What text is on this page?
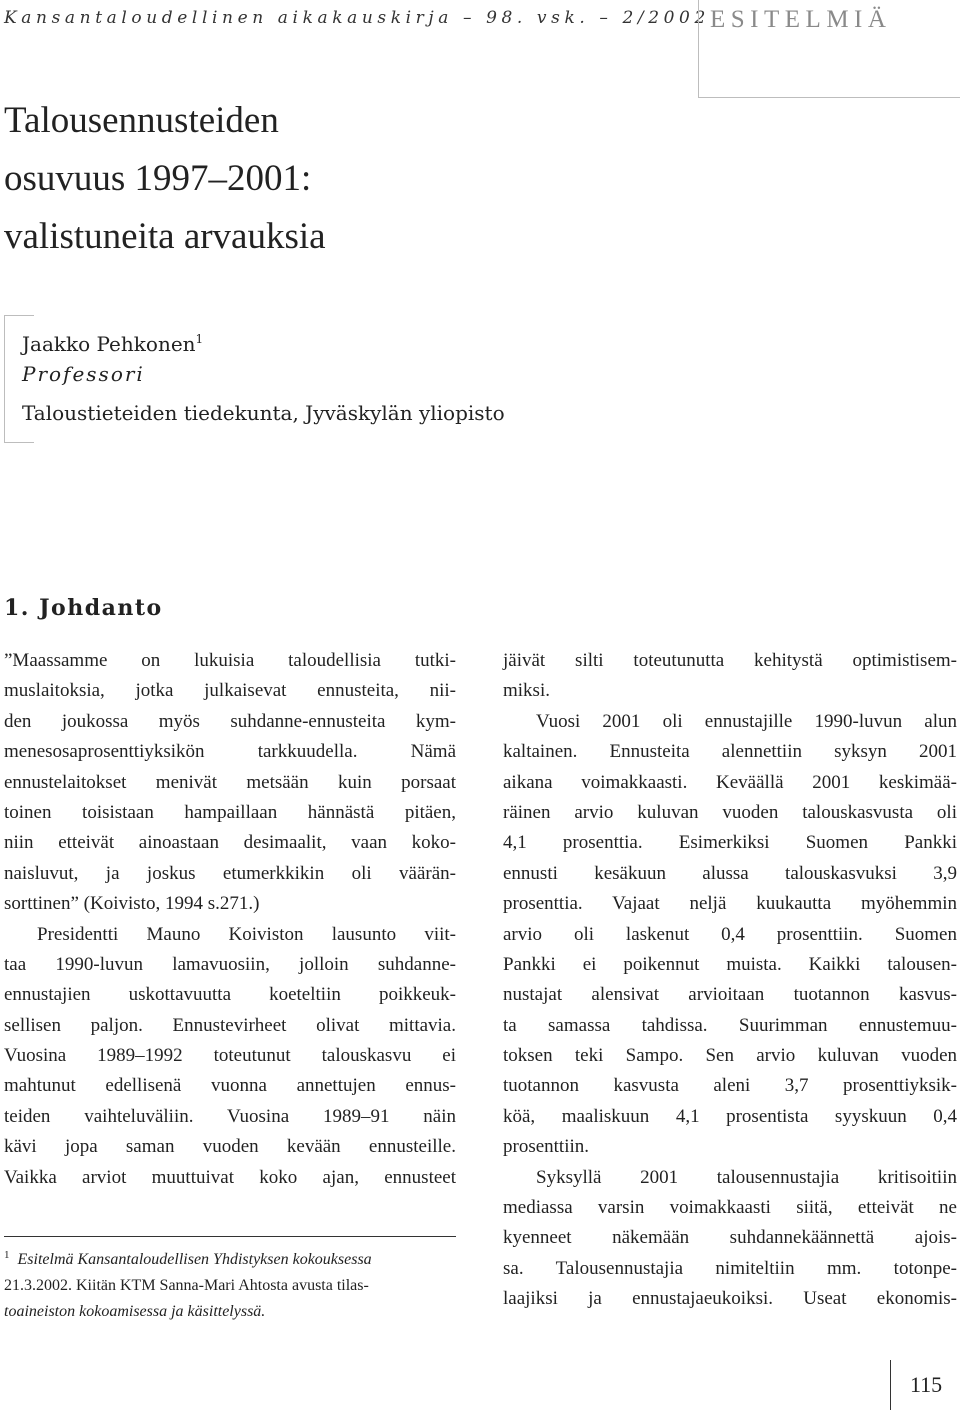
Kansantaloudellinen aikakauskirja – 98. vsk. – 2/2002 ESITELMIÄ
Talousennusteiden
osuvuus 1997–2001:
valistuneita arvauksia
Jaakko Pehkonen$^1$
Professori
Taloustieteiden tiedekunta, Jyväskylän yliopisto
1. Johdanto
”Maassamme on lukuisia taloudellisia tutki-
muslaitoksia, jotka julkaisevat ennusteita, nii-
den joukossa myös suhdanne-ennusteita kym-
menesosaprosenttiyksikön tarkkuudella. Nämä
ennustelaitokset menivät metsään kuin porsaat
toinen toisistaan hampaillaan hännästä pitäen,
niin etteivät ainoastaan desimaalit, vaan koko-
naisluvut, ja joskus etumerkkikin oli väärän-
sorttinen” (Koivisto, 1994 s.271.)
Presidentti Mauno Koiviston lausunto viit-
taa 1990-luvun lamavuosiin, jolloin suhdanne-
ennustajien uskottavuutta koeteltiin poikkeuk-
sellisen paljon. Ennustevirheet olivat mittavia.
Vuosina 1989–1992 toteutunut talouskasvu ei
mahtunut edellisenä vuonna annettujen ennus-
teiden vaihteluväliin. Vuosina 1989–91 näin
kävi jopa saman vuoden kevään ennusteille.
Vaikka arviot muuttuivat koko ajan, ennusteet
jäivät silti toteutunutta kehitystä optimistisem-
miksi.
Vuosi 2001 oli ennustajille 1990-luvun alun
kaltainen. Ennusteita alennettiin syksyn 2001
aikana voimakkaasti. Keväällä 2001 keskimää-
räinen arvio kuluvan vuoden talouskasvusta oli
4,1 prosenttia. Esimerkiksi Suomen Pankki
ennusti kesäkuun alussa talouskasvuksi 3,9
prosenttia. Vajaat neljä kuukautta myöhemmin
arvio oli laskenut 0,4 prosenttiin. Suomen
Pankki ei poikennut muista. Kaikki talousen-
nustajat alensivat arvioitaan tuotannon kasvus-
ta samassa tahdissa. Suurimman ennustemuu-
toksen teki Sampo. Sen arvio kuluvan vuoden
tuotannon kasvusta aleni 3,7 prosenttiyksik-
köä, maaliskuun 4,1 prosentista syyskuun 0,4
prosenttiin.
Syksyllä 2001 talousennustajia kritisoitiin
mediassa varsin voimakkaasti siitä, etteivät ne
kyenneet näkemään suhdannekäännettä ajois-
sa. Talousennustajia nimiteltiin mm. totonpe-
laajiksi ja ennustajaeukoiksi. Useat ekonomis-
$^1$ Esitelmä Kansantaloudellisen Yhdistyksen kokouksessa
21.3.2002. Kiitän KTM Sanna-Mari Ahtosta avusta tilas-
toaineiston kokoamisessa ja käsittelyssä.
115
